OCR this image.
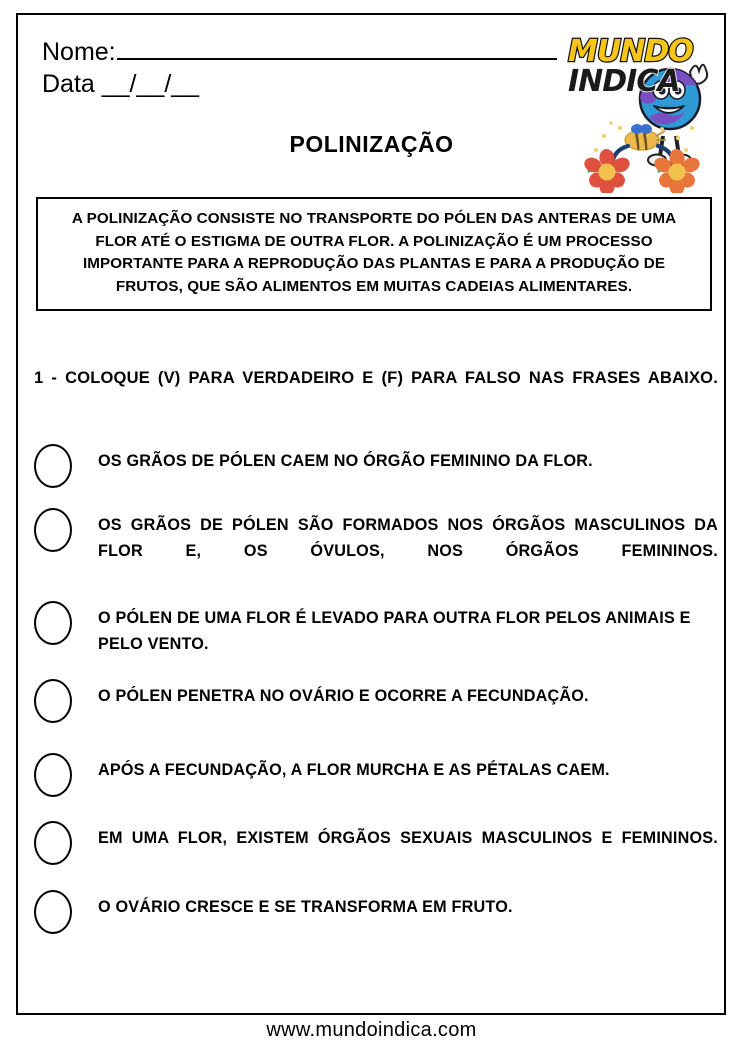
Nome:
Data __/__/__
POLINIZAÇÃO
MUNDO
INDICA
A POLINIZAÇÃO CONSISTE NO TRANSPORTE DO PÓLEN DAS ANTERAS DE UMA FLOR ATÉ O ESTIGMA DE OUTRA FLOR. A POLINIZAÇÃO É UM PROCESSO IMPORTANTE PARA A REPRODUÇÃO DAS PLANTAS E PARA A PRODUÇÃO DE FRUTOS, QUE SÃO ALIMENTOS EM MUITAS CADEIAS ALIMENTARES.
1 - COLOQUE (V) PARA VERDADEIRO E (F) PARA FALSO NAS FRASES ABAIXO.
OS GRÃOS DE PÓLEN CAEM NO ÓRGÃO FEMININO DA FLOR.
OS GRÃOS DE PÓLEN SÃO FORMADOS NOS ÓRGÃOS MASCULINOS DA FLOR E, OS ÓVULOS, NOS ÓRGÃOS FEMININOS.
O PÓLEN DE UMA FLOR É LEVADO PARA OUTRA FLOR PELOS ANIMAIS E PELO VENTO.
O PÓLEN PENETRA NO OVÁRIO E OCORRE A FECUNDAÇÃO.
APÓS A FECUNDAÇÃO, A FLOR MURCHA E AS PÉTALAS CAEM.
EM UMA FLOR, EXISTEM ÓRGÃOS SEXUAIS MASCULINOS E FEMININOS.
O OVÁRIO CRESCE E SE TRANSFORMA EM FRUTO.
www.mundoindica.com
